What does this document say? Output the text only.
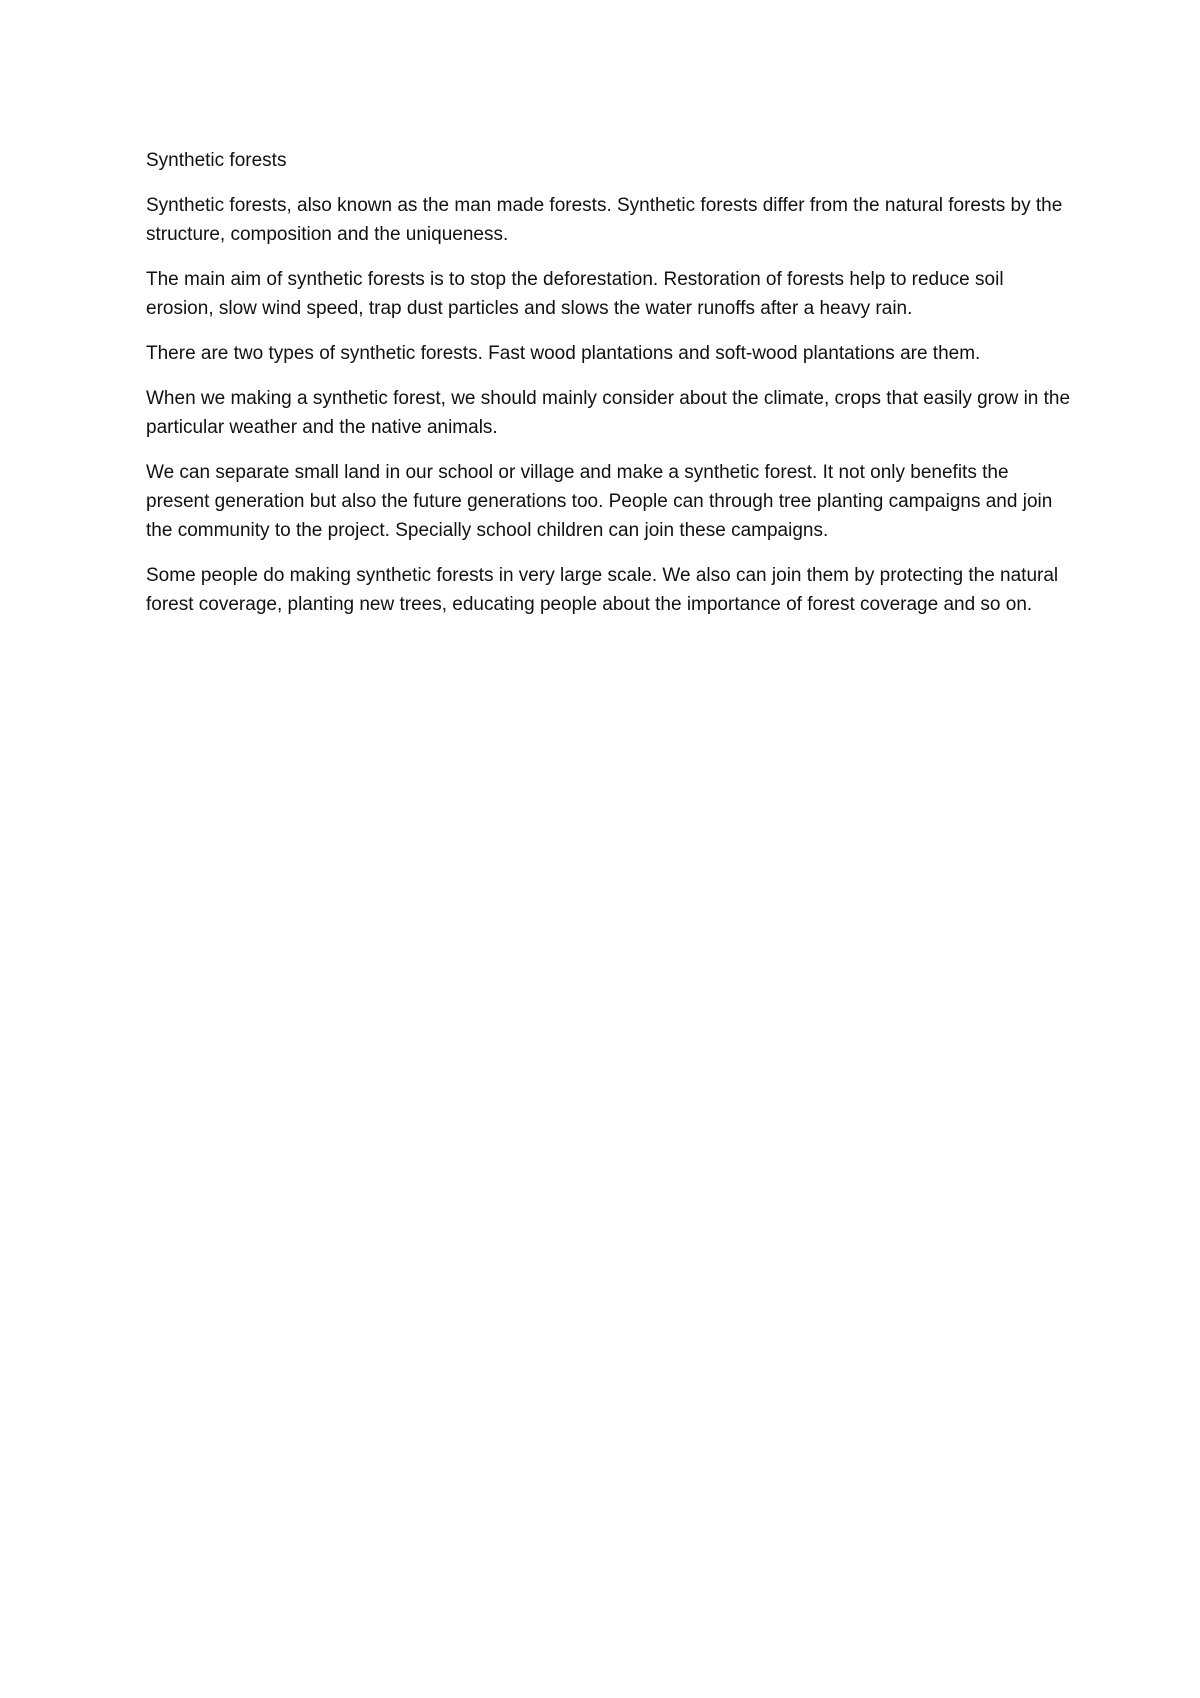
Synthetic forests

Synthetic forests, also known as the man made forests. Synthetic forests differ from the natural forests by the structure, composition and the uniqueness.

The main aim of synthetic forests is to stop the deforestation. Restoration of forests help to reduce soil erosion, slow wind speed, trap dust particles and slows the water runoffs after a heavy rain.

There are two types of synthetic forests. Fast wood plantations and soft-wood plantations are them.

When we making a synthetic forest, we should mainly consider about the climate, crops that easily grow in the particular weather and the native animals.

We can separate small land in our school or village and make a synthetic forest. It not only benefits the present generation but also the future generations too. People can through tree planting campaigns and join the community to the project. Specially school children can join these campaigns.

Some people do making synthetic forests in very large scale. We also can join them by protecting the natural forest coverage, planting new trees, educating people about the importance of forest coverage and so on.
